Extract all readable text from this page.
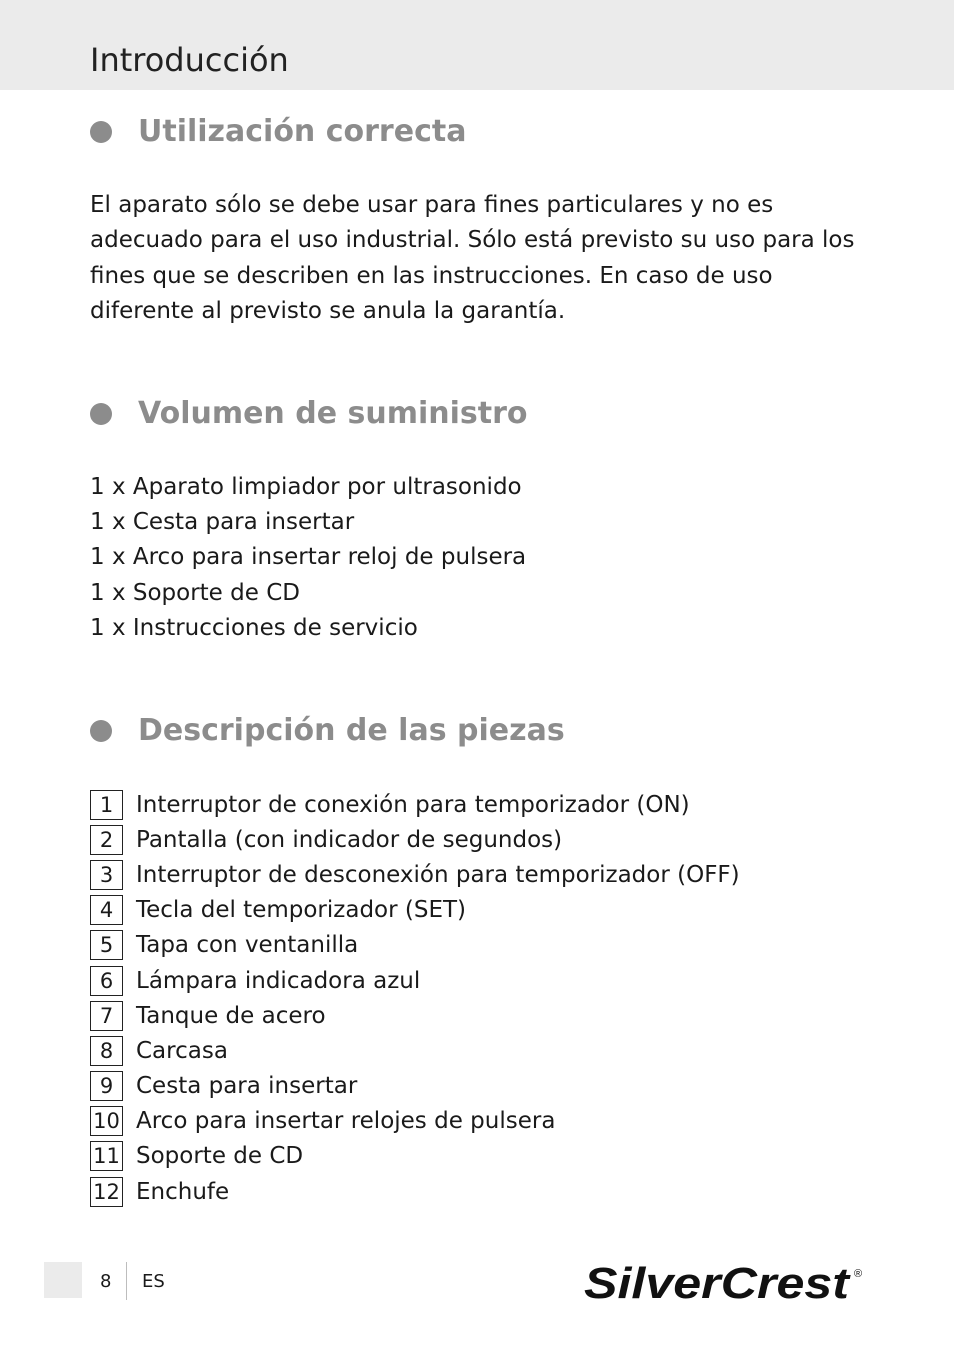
Introducción
Utilización correcta

El aparato sólo se debe usar para fines particulares y no es adecuado para el uso industrial. Sólo está previsto su uso para los fines que se describen en las instrucciones. En caso de uso diferente al previsto se anula la garantía.

Volumen de suministro
1 x Aparato limpiador por ultrasonido
1 x Cesta para insertar
1 x Arco para insertar reloj de pulsera
1 x Soporte de CD
1 x Instrucciones de servicio
Descripción de las piezas
1 Interruptor de conexión para temporizador (ON)
2 Pantalla (con indicador de segundos)
3 Interruptor de desconexión para temporizador (OFF)
4 Tecla del temporizador (SET)
5 Tapa con ventanilla
6 Lámpara indicadora azul
7 Tanque de acero
8 Carcasa
9 Cesta para insertar
10 Arco para insertar relojes de pulsera
11 Soporte de CD
12 Enchufe
8 ES	SilverCrest ®
